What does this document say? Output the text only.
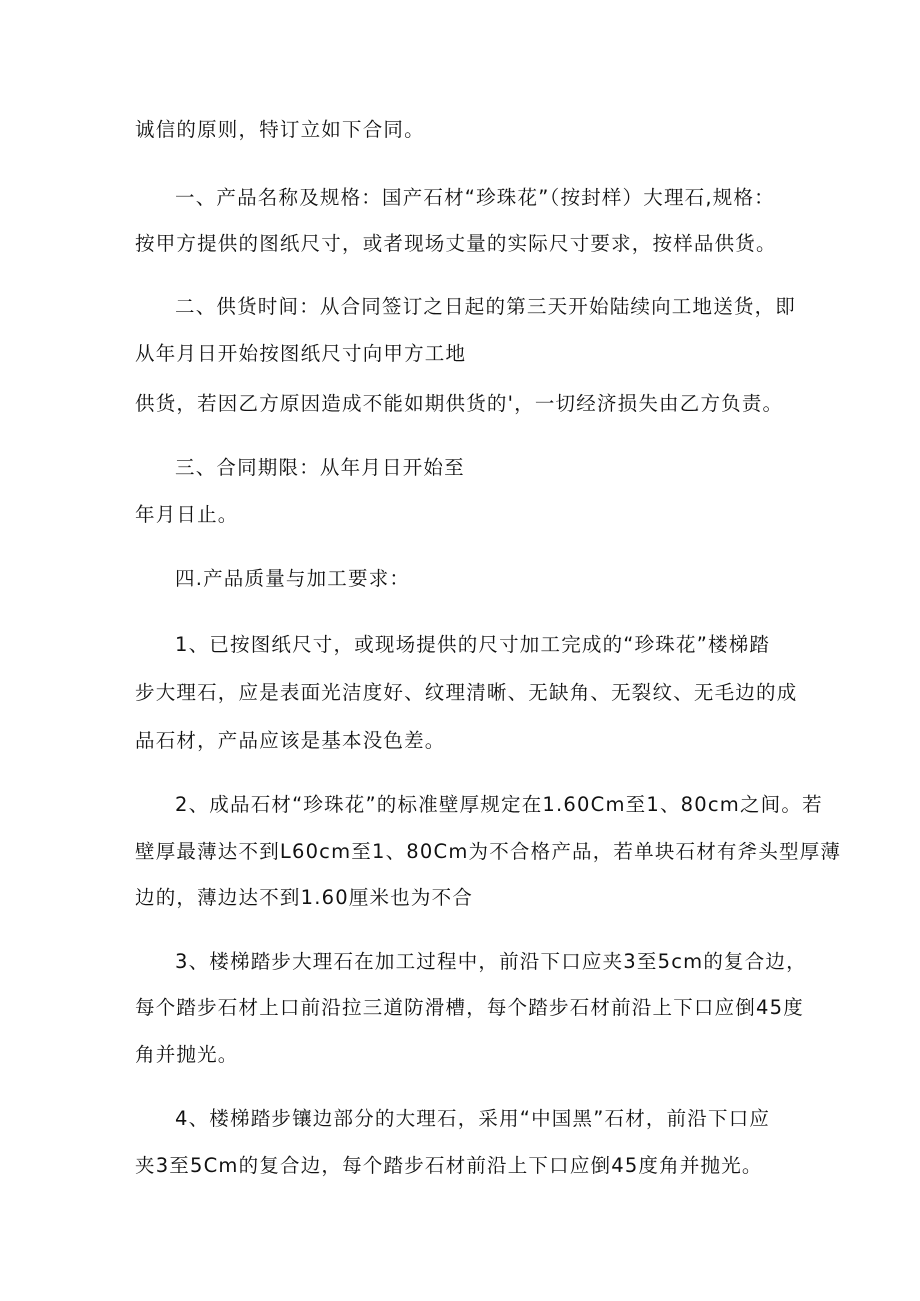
诚信的原则，特订立如下合同。

一、产品名称及规格：国产石材“珍珠花”（按封样）大理石,规格：

按甲方提供的图纸尺寸，或者现场丈量的实际尺寸要求，按样品供货。

二、供货时间：从合同签订之日起的第三天开始陆续向工地送货，即

从年月日开始按图纸尺寸向甲方工地

供货，若因乙方原因造成不能如期供货的'，一切经济损失由乙方负责。

三、合同期限：从年月日开始至

年月日止。

四.产品质量与加工要求：

1、已按图纸尺寸，或现场提供的尺寸加工完成的“珍珠花”楼梯踏

步大理石，应是表面光洁度好、纹理清晰、无缺角、无裂纹、无毛边的成

品石材，产品应该是基本没色差。

2、成品石材“珍珠花”的标准壁厚规定在1.60Cm至1、80cm之间。若

壁厚最薄达不到L60cm至1、80Cm为不合格产品，若单块石材有斧头型厚薄

边的，薄边达不到1.60厘米也为不合

3、楼梯踏步大理石在加工过程中，前沿下口应夹3至5cm的复合边，

每个踏步石材上口前沿拉三道防滑槽，每个踏步石材前沿上下口应倒45度

角并抛光。

4、楼梯踏步镶边部分的大理石，采用“中国黑”石材，前沿下口应

夹3至5Cm的复合边，每个踏步石材前沿上下口应倒45度角并抛光。
